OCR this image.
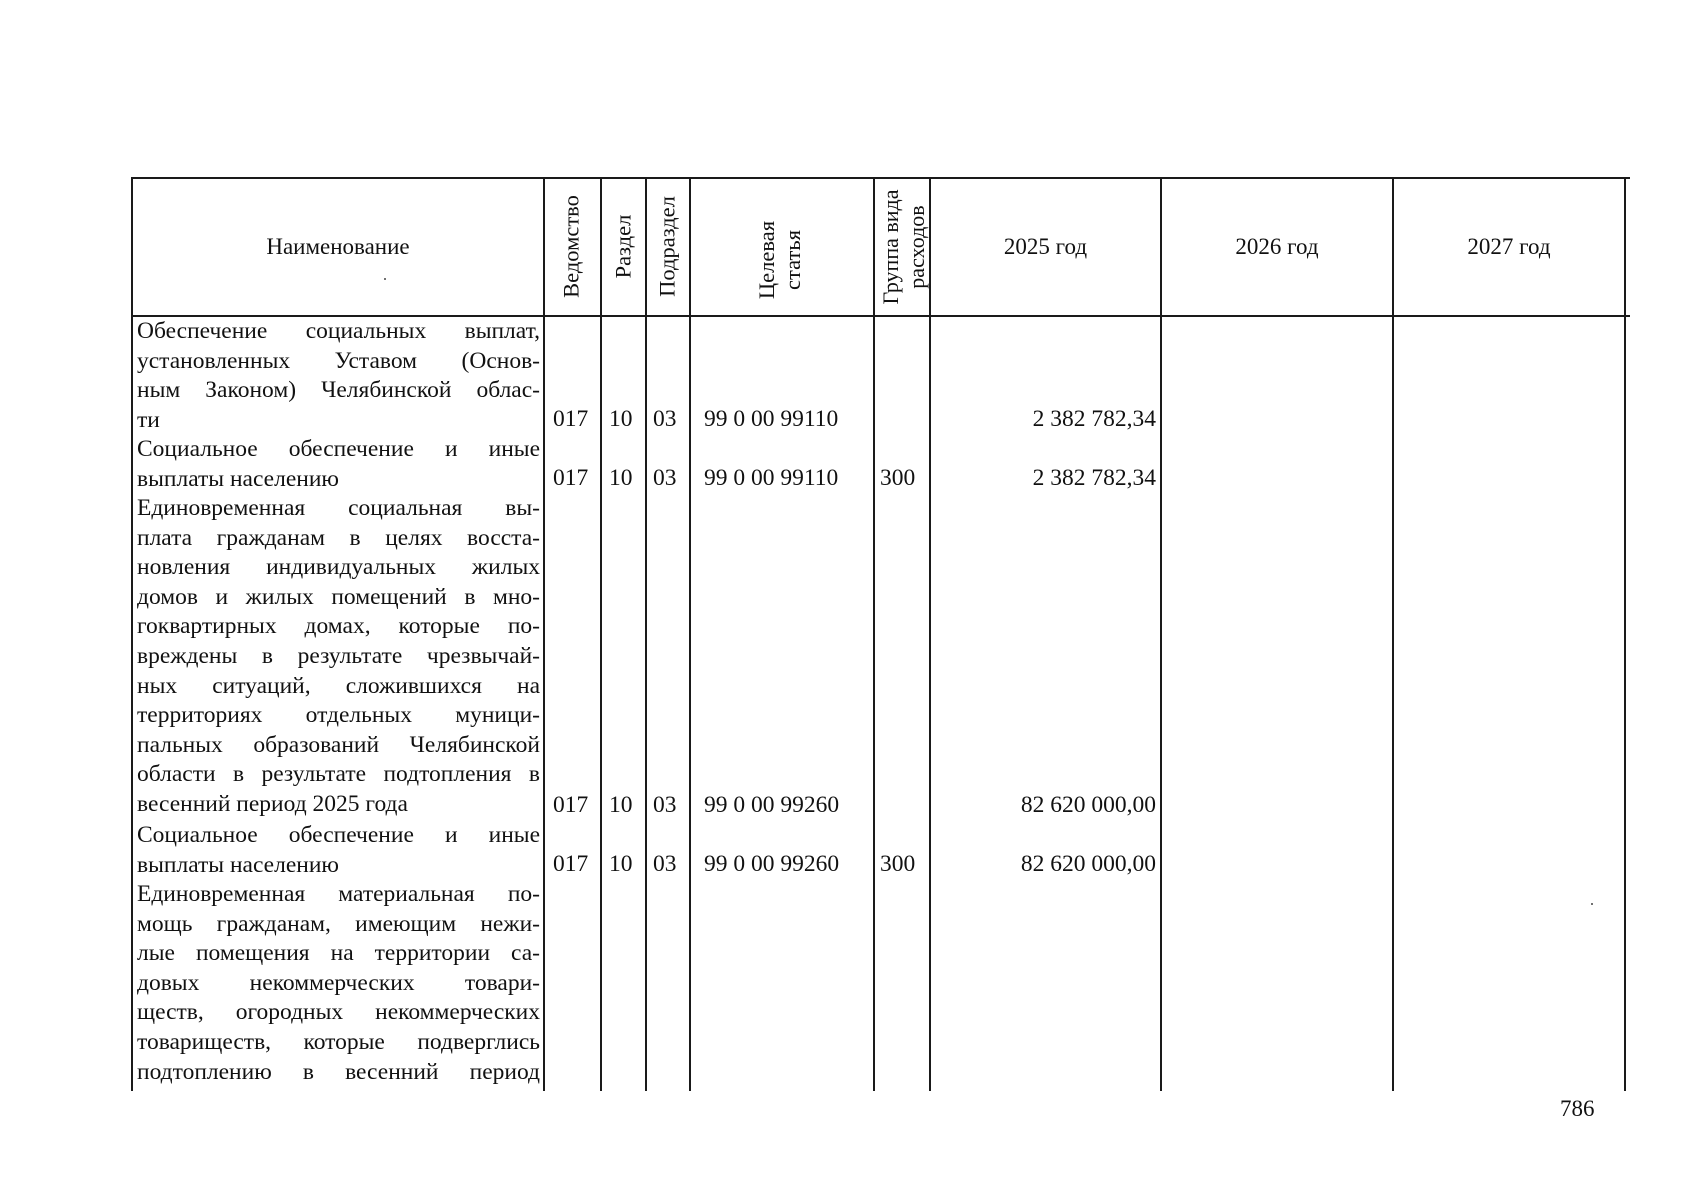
Наименование	Ведомство Раздел Подраздел	Целевая статья	Группа вида расходов	2025 год	2026 год	2027 год
Обеспечение социальных выплат,
установленных Уставом (Основ-
ным Законом) Челябинской облас-
ти	017 10 03 99 0 00 99110	2 382 782,34
Социальное обеспечение и иные
выплаты населению	017 10 03 99 0 00 99110 300	2 382 782,34
Единовременная социальная вы-
плата гражданам в целях восста-
новления индивидуальных жилых
домов и жилых помещений в мно-
гоквартирных домах, которые по-
вреждены в результате чрезвычай-
ных ситуаций, сложившихся на
территориях отдельных муници-
пальных образований Челябинской
области в результате подтопления в
весенний период 2025 года	017 10 03 99 0 00 99260	82 620 000,00
Социальное обеспечение и иные
выплаты населению	017 10 03 99 0 00 99260 300	82 620 000,00
Единовременная материальная по-
мощь гражданам, имеющим нежи-
лые помещения на территории са-
довых некоммерческих товари-
ществ, огородных некоммерческих
товариществ, которые подверглись
подтоплению в весенний период
786
